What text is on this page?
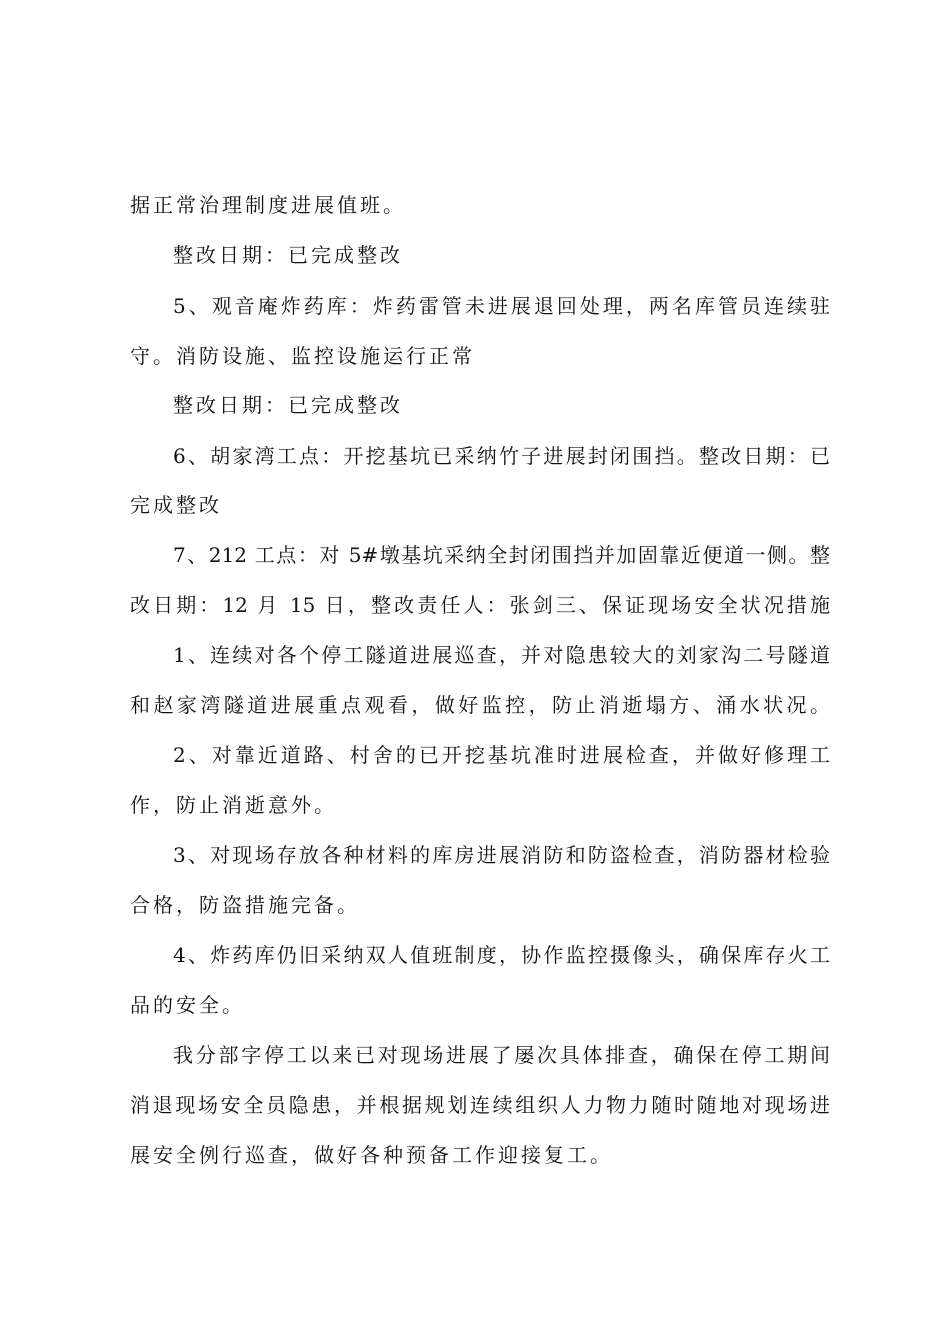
据正常治理制度进展值班。
整改日期：已完成整改
5、观音庵炸药库：炸药雷管未进展退回处理，两名库管员连续驻
守。消防设施、监控设施运行正常
整改日期：已完成整改
6、胡家湾工点：开挖基坑已采纳竹子进展封闭围挡。整改日期：已
完成整改
7、212 工点：对 5#墩基坑采纳全封闭围挡并加固靠近便道一侧。整
改日期：12 月 15 日，整改责任人：张剑三、保证现场安全状况措施
1、连续对各个停工隧道进展巡查，并对隐患较大的刘家沟二号隧道
和赵家湾隧道进展重点观看，做好监控，防止消逝塌方、涌水状况。
2、对靠近道路、村舍的已开挖基坑准时进展检查，并做好修理工
作，防止消逝意外。
3、对现场存放各种材料的库房进展消防和防盗检查，消防器材检验
合格，防盗措施完备。
4、炸药库仍旧采纳双人值班制度，协作监控摄像头，确保库存火工
品的安全。
我分部字停工以来已对现场进展了屡次具体排查，确保在停工期间
消退现场安全员隐患，并根据规划连续组织人力物力随时随地对现场进
展安全例行巡查，做好各种预备工作迎接复工。
